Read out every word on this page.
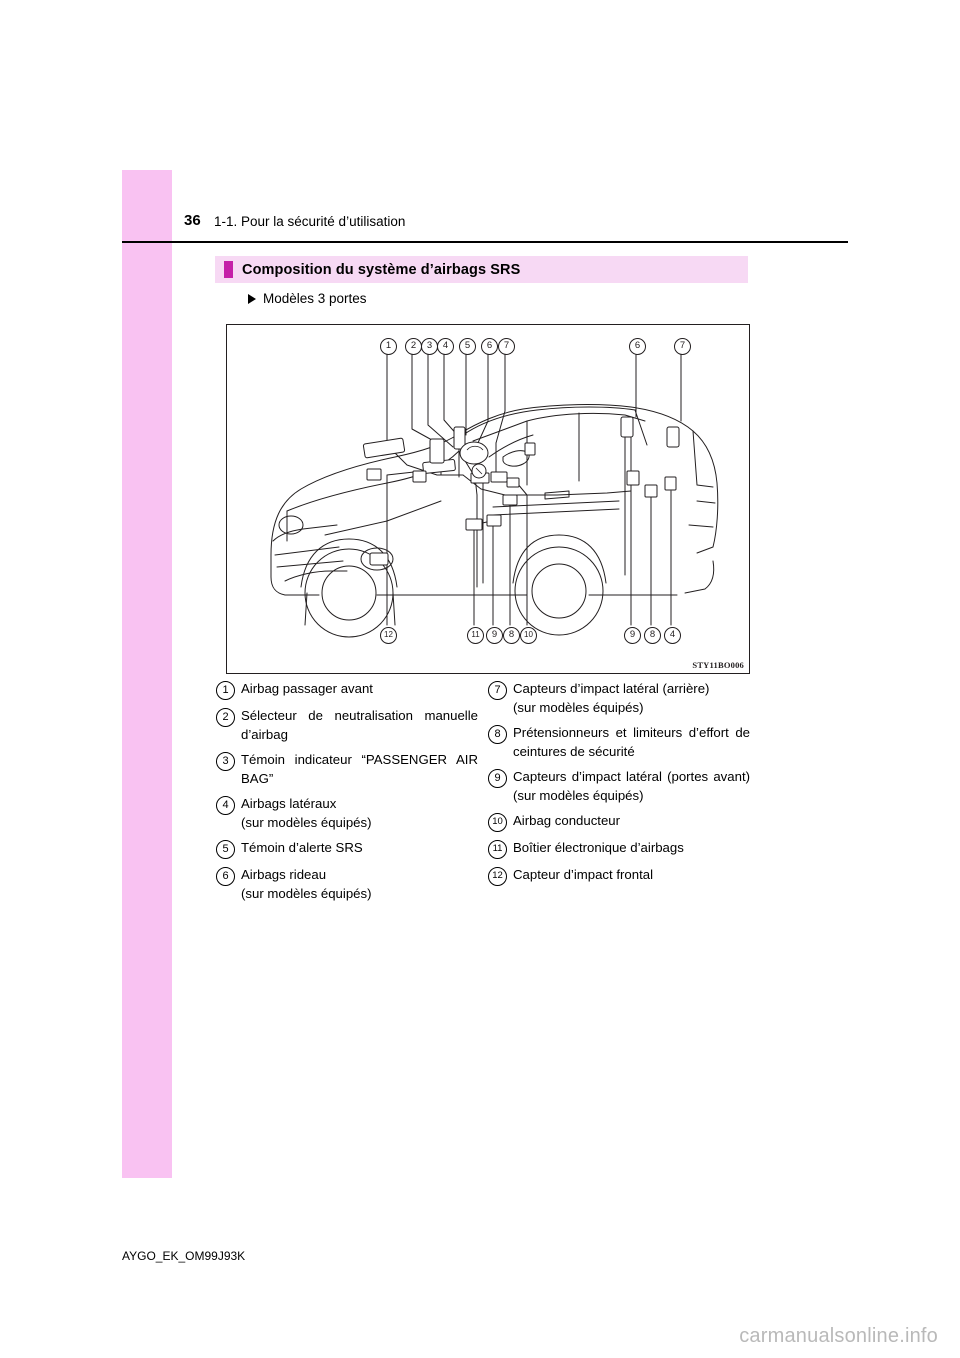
36 1-1. Pour la sécurité d’utilisation
Composition du système d’airbags SRS
Modèles 3 portes
STY11BO006
1	2	3	4	5	6	7	6	7
12	11	9	8	10	9	8	4
1 Airbag passager avant
2 Sélecteur de neutralisation manuelle d’airbag
3 Témoin indicateur “PASSENGER AIR BAG”
4 Airbags latéraux
(sur modèles équipés)
5 Témoin d’alerte SRS
6 Airbags rideau
(sur modèles équipés)
7 Capteurs d’impact latéral (arrière)
(sur modèles équipés)
8 Prétensionneurs et limiteurs d’effort de ceintures de sécurité
9 Capteurs d’impact latéral (portes avant) (sur modèles équipés)
10 Airbag conducteur
11 Boîtier électronique d’airbags
12 Capteur d’impact frontal
AYGO_EK_OM99J93K
carmanualsonline.info
